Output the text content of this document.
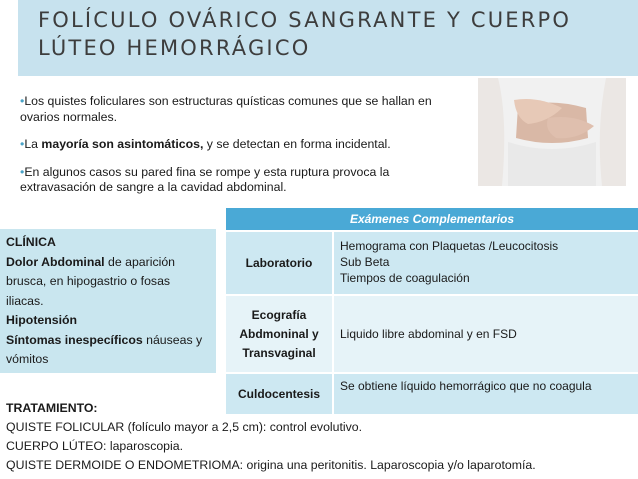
FOLÍCULO OVÁRICO SANGRANTE Y CUERPO LÚTEO HEMORRÁGICO

•Los quistes foliculares son estructuras quísticas comunes que se hallan en ovarios normales.

•La mayoría son asintomáticos, y se detectan en forma incidental.

•En algunos casos su pared fina se rompe y esta ruptura provoca la extravasación de sangre a la cavidad abdominal.

CLÍNICA
Dolor Abdominal de aparición brusca, en hipogastrio o fosas iliacas.
Hipotensión
Síntomas inespecíficos náuseas y vómitos
Exámenes Complementarios
Laboratorio
Hemograma con Plaquetas /Leucocitosis
Sub Beta
Tiempos de coagulación
Ecografía
Abdmoninal y
Transvaginal
Liquido libre abdominal y en FSD
Culdocentesis
Se obtiene líquido hemorrágico que no coagula
TRATAMIENTO:
QUISTE FOLICULAR (folículo mayor a 2,5 cm): control evolutivo.
CUERPO LÚTEO: laparoscopia.
QUISTE DERMOIDE O ENDOMETRIOMA: origina una peritonitis. Laparoscopia y/o laparotomía.
